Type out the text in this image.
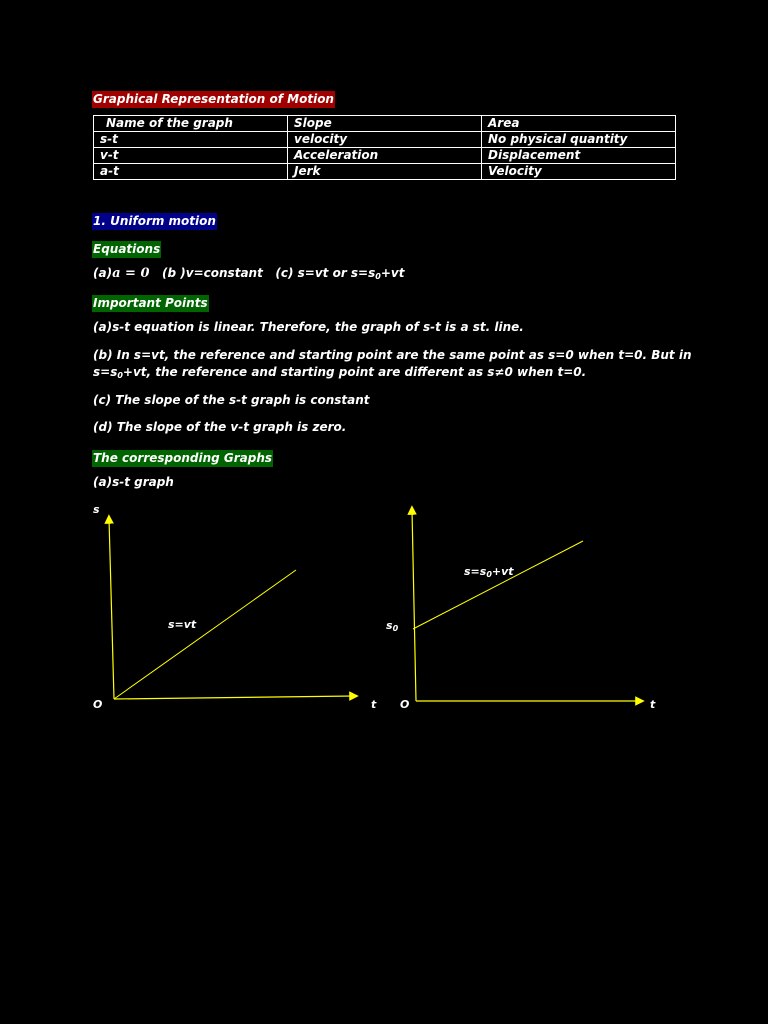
Graphical Representation of Motion
Name of the graph	Slope	Area
s-t	velocity	No physical quantity
v-t	Acceleration	Displacement
a-t	Jerk	Velocity
1. Uniform motion
Equations
(a)a = 0 (b )v=constant (c) s=vt or $s=s_0+vt$
Important Points
(a)s-t equation is linear. Therefore, the graph of s-t is a st. line.
(b) In s=vt, the reference and starting point are the same point as s=0 when t=0. But in
$s=s_0+vt$, the reference and starting point are different as s≠0 when t=0.
(c) The slope of the s-t graph is constant
(d) The slope of the v-t graph is zero.
The corresponding Graphs
(a)s-t graph
s
O	t
s=vt
O	t
$s_0$
$s=s_0+vt$
